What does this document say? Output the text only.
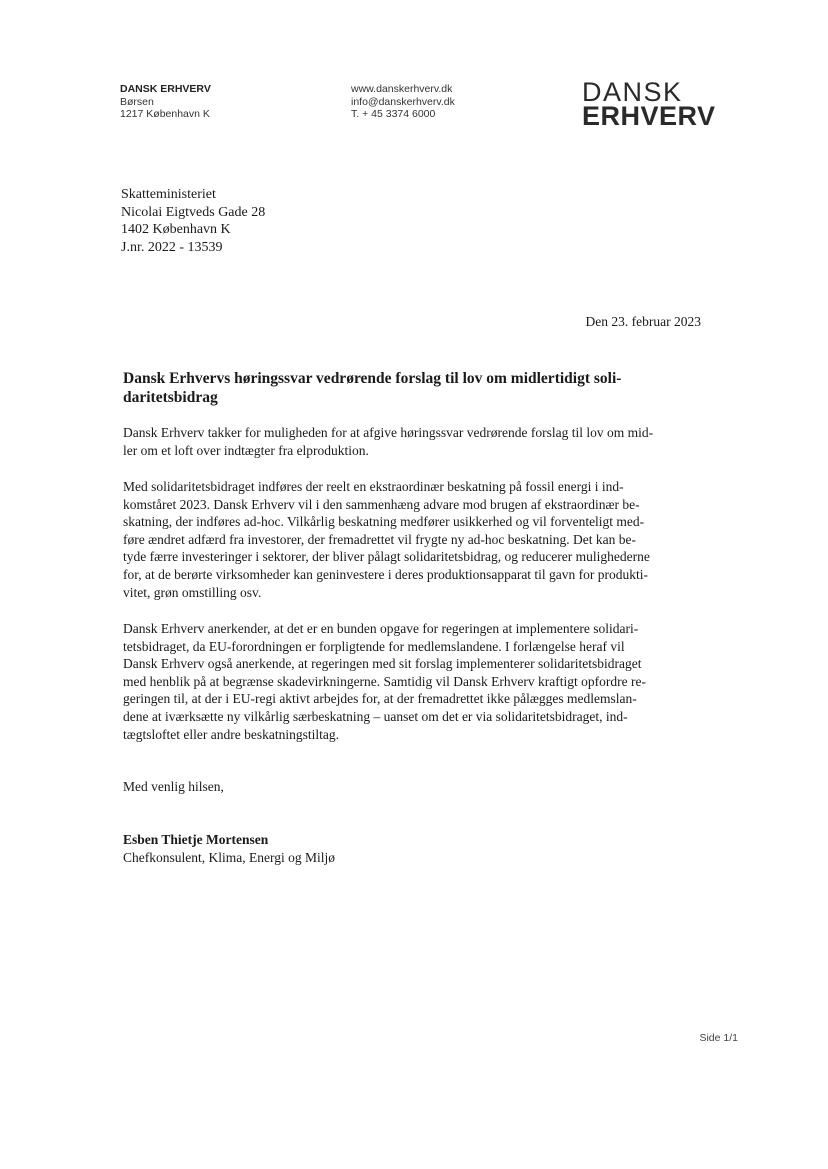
DANSK ERHVERV
Børsen
1217 København K
www.danskerhverv.dk
info@danskerhverv.dk
T. + 45 3374 6000
DANSK
ERHVERV
Skatteministeriet
Nicolai Eigtveds Gade 28
1402 København K
J.nr. 2022 - 13539
Den 23. februar 2023
Dansk Erhvervs høringssvar vedrørende forslag til lov om midlertidigt soli-
daritetsbidrag
Dansk Erhverv takker for muligheden for at afgive høringssvar vedrørende forslag til lov om mid-
ler om et loft over indtægter fra elproduktion.
Med solidaritetsbidraget indføres der reelt en ekstraordinær beskatning på fossil energi i ind-
komståret 2023. Dansk Erhverv vil i den sammenhæng advare mod brugen af ekstraordinær be-
skatning, der indføres ad-hoc. Vilkårlig beskatning medfører usikkerhed og vil forventeligt med-
føre ændret adfærd fra investorer, der fremadrettet vil frygte ny ad-hoc beskatning. Det kan be-
tyde færre investeringer i sektorer, der bliver pålagt solidaritetsbidrag, og reducerer mulighederne
for, at de berørte virksomheder kan geninvestere i deres produktionsapparat til gavn for produkti-
vitet, grøn omstilling osv.
Dansk Erhverv anerkender, at det er en bunden opgave for regeringen at implementere solidari-
tetsbidraget, da EU-forordningen er forpligtende for medlemslandene. I forlængelse heraf vil
Dansk Erhverv også anerkende, at regeringen med sit forslag implementerer solidaritetsbidraget
med henblik på at begrænse skadevirkningerne. Samtidig vil Dansk Erhverv kraftigt opfordre re-
geringen til, at der i EU-regi aktivt arbejdes for, at der fremadrettet ikke pålægges medlemslan-
dene at iværksætte ny vilkårlig særbeskatning – uanset om det er via solidaritetsbidraget, ind-
tægtsloftet eller andre beskatningstiltag.
Med venlig hilsen,
Esben Thietje Mortensen
Chefkonsulent, Klima, Energi og Miljø
Side 1/1
